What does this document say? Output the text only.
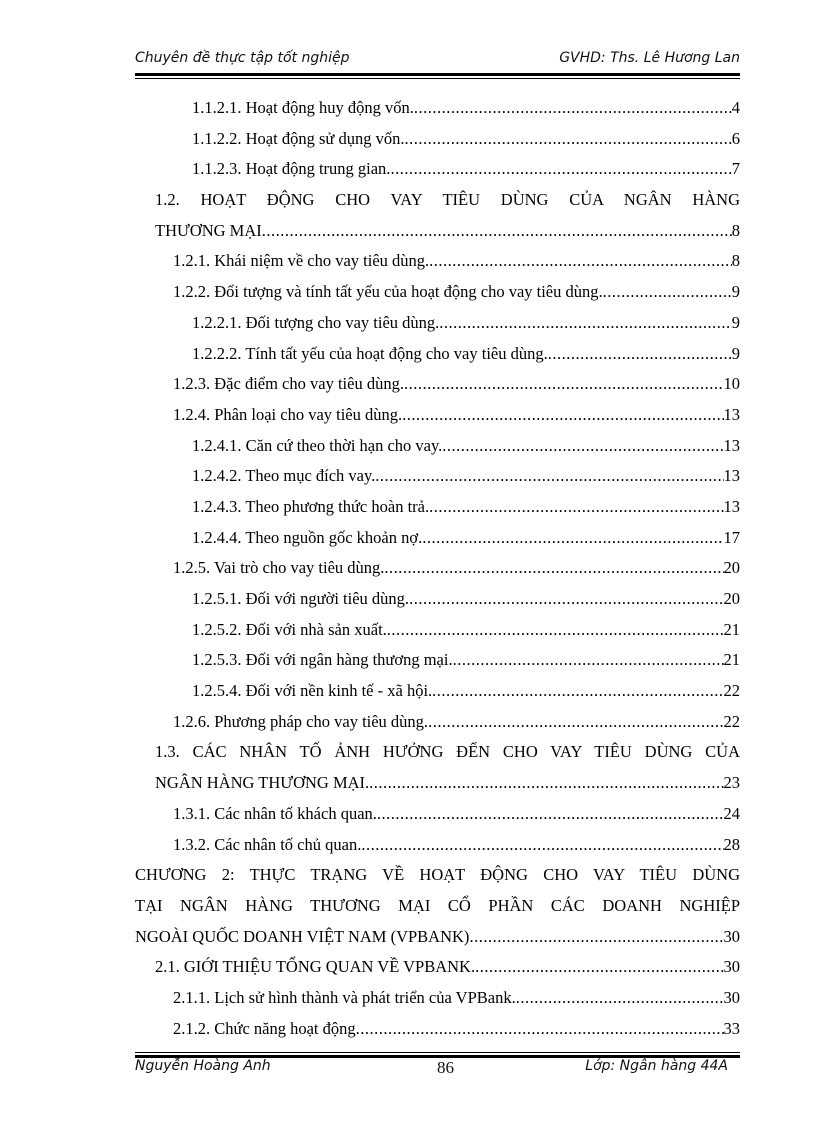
Chuyên đề thực tập tốt nghiệp	GVHD: Ths. Lê Hương Lan
1.1.2.1. Hoạt động huy động vốn. .....	4
1.1.2.2. Hoạt động sử dụng vốn. .....	6
1.1.2.3. Hoạt động trung gian. .....	7
1.2. HOẠT ĐỘNG CHO VAY TIÊU DÙNG CỦA NGÂN HÀNG
THƯƠNG MẠI .....	8
1.2.1. Khái niệm về cho vay tiêu dùng. .....	8
1.2.2. Đối tượng và tính tất yếu của hoạt động cho vay tiêu dùng. .....	9
1.2.2.1. Đối tượng cho vay tiêu dùng. .....	9
1.2.2.2. Tính tất yếu của hoạt động cho vay tiêu dùng. .....	9
1.2.3. Đặc điểm cho vay tiêu dùng. .....	10
1.2.4. Phân loại cho vay tiêu dùng. .....	13
1.2.4.1. Căn cứ theo thời hạn cho vay. .....	13
1.2.4.2. Theo mục đích vay. .....	13
1.2.4.3. Theo phương thức hoàn trả. .....	13
1.2.4.4. Theo nguồn gốc khoản nợ. .....	17
1.2.5. Vai trò cho vay tiêu dùng. .....	20
1.2.5.1. Đối với người tiêu dùng. .....	20
1.2.5.2. Đối với nhà sản xuất. .....	21
1.2.5.3. Đối với ngân hàng thương mại. .....	21
1.2.5.4. Đối với nền kinh tế - xã hội. .....	22
1.2.6. Phương pháp cho vay tiêu dùng. .....	22
1.3. CÁC NHÂN TỐ ẢNH HƯỞNG ĐẾN CHO VAY TIÊU DÙNG CỦA
NGÂN HÀNG THƯƠNG MẠI. .....	23
1.3.1. Các nhân tố khách quan. .....	24
1.3.2. Các nhân tố chủ quan. .....	28
CHƯƠNG 2: THỰC TRẠNG VỀ HOẠT ĐỘNG CHO VAY TIÊU DÙNG
TẠI NGÂN HÀNG THƯƠNG MẠI CỔ PHẦN CÁC DOANH NGHIỆP
NGOÀI QUỐC DOANH VIỆT NAM (VPBANK) .....	30
2.1. GIỚI THIỆU TỔNG QUAN VỀ VPBANK. .....	30
2.1.1. Lịch sử hình thành và phát triển của VPBank. .....	30
2.1.2. Chức năng hoạt động .....	33
Nguyễn Hoàng Anh	86	Lớp: Ngân hàng 44A
